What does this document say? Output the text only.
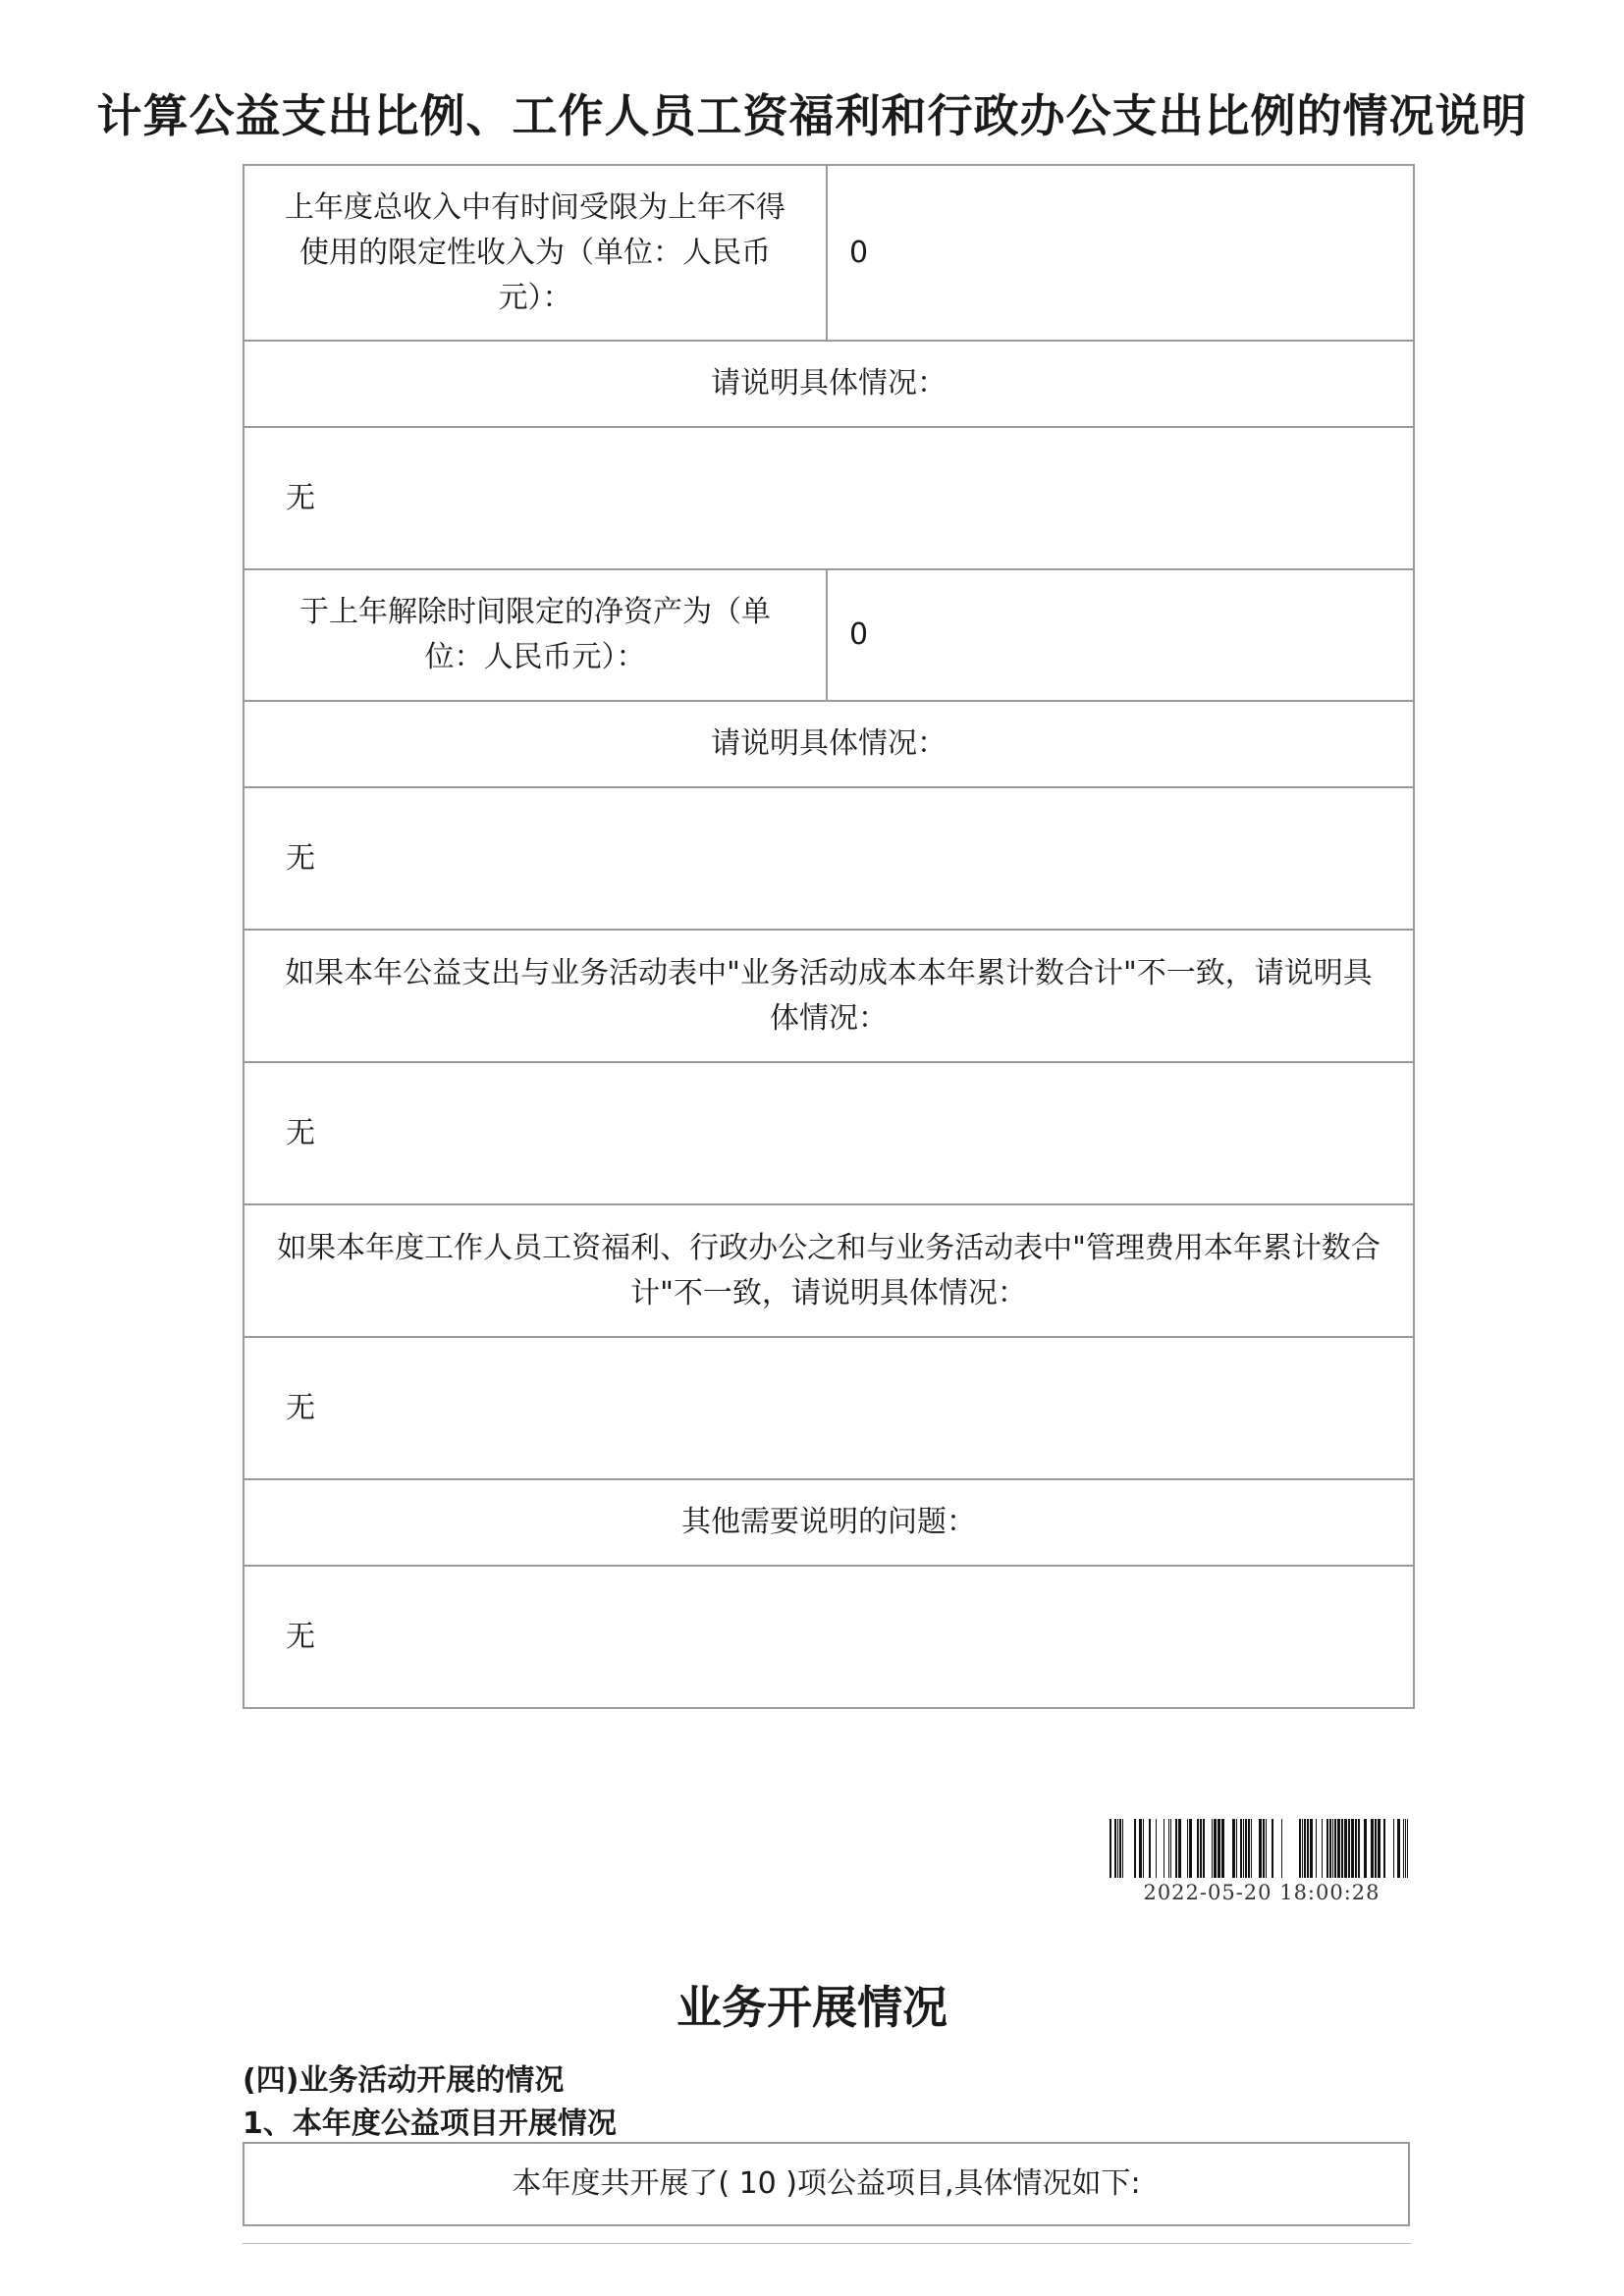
计算公益支出比例、工作人员工资福利和行政办公支出比例的情况说明
上年度总收入中有时间受限为上年不得使用的限定性收入为（单位：人民币元）：	0
请说明具体情况：	
无	
于上年解除时间限定的净资产为（单位：人民币元）：	0
请说明具体情况：	
无	
如果本年公益支出与业务活动表中"业务活动成本本年累计数合计"不一致，请说明具体情况：	
无	
如果本年度工作人员工资福利、行政办公之和与业务活动表中"管理费用本年累计数合计"不一致，请说明具体情况：	
无	
其他需要说明的问题：	
无	
2022-05-20 18:00:28
业务开展情况
(四)业务活动开展的情况
1、本年度公益项目开展情况
本年度共开展了( 10 )项公益项目,具体情况如下:
